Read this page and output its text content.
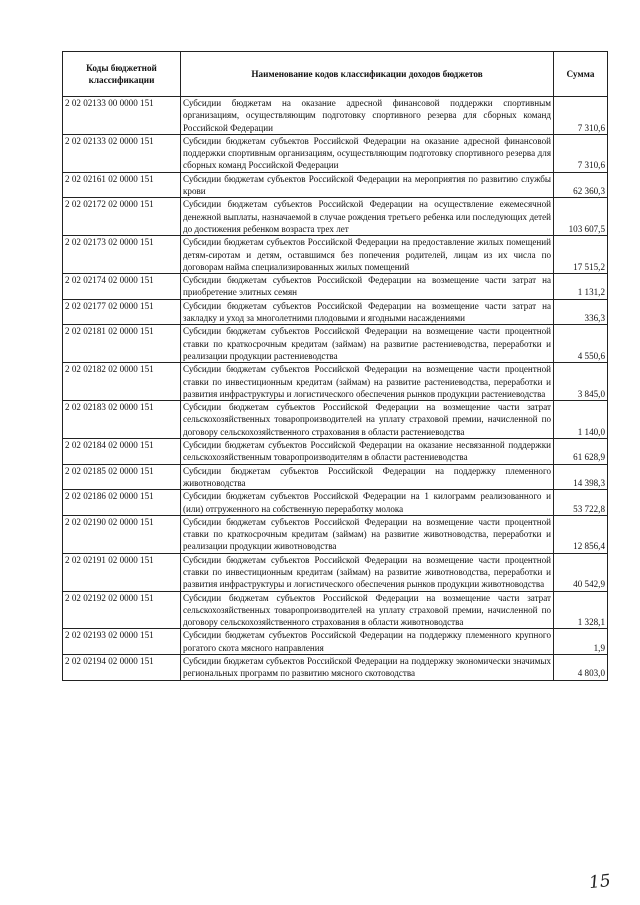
Коды бюджетной классификации	Наименование кодов классификации доходов бюджетов	Сумма
2 02 02133 00 0000 151	Субсидии бюджетам на оказание адресной финансовой поддержки спортивным организациям, осуществляющим подготовку спортивного резерва для сборных команд Российской Федерации	7 310,6
2 02 02133 02 0000 151	Субсидии бюджетам субъектов Российской Федерации на оказание адресной финансовой поддержки спортивным организациям, осуществляющим подготовку спортивного резерва для сборных команд Российской Федерации	7 310,6
2 02 02161 02 0000 151	Субсидии бюджетам субъектов Российской Федерации на мероприятия по развитию службы крови	62 360,3
2 02 02172 02 0000 151	Субсидии бюджетам субъектов Российской Федерации на осуществление ежемесячной денежной выплаты, назначаемой в случае рождения третьего ребенка или последующих детей до достижения ребенком возраста трех лет	103 607,5
2 02 02173 02 0000 151	Субсидии бюджетам субъектов Российской Федерации на предоставление жилых помещений детям-сиротам и детям, оставшимся без попечения родителей, лицам из их числа по договорам найма специализированных жилых помещений	17 515,2
2 02 02174 02 0000 151	Субсидии бюджетам субъектов Российской Федерации на возмещение части затрат на приобретение элитных семян	1 131,2
2 02 02177 02 0000 151	Субсидии бюджетам субъектов Российской Федерации на возмещение части затрат на закладку и уход за многолетними плодовыми и ягодными насаждениями	336,3
2 02 02181 02 0000 151	Субсидии бюджетам субъектов Российской Федерации на возмещение части процентной ставки по краткосрочным кредитам (займам) на развитие растениеводства, переработки и реализации продукции растениеводства	4 550,6
2 02 02182 02 0000 151	Субсидии бюджетам субъектов Российской Федерации на возмещение части процентной ставки по инвестиционным кредитам (займам) на развитие растениеводства, переработки и развития инфраструктуры и логистического обеспечения рынков продукции растениеводства	3 845,0
2 02 02183 02 0000 151	Субсидии бюджетам субъектов Российской Федерации на возмещение части затрат сельскохозяйственных товаропроизводителей на уплату страховой премии, начисленной по договору сельскохозяйственного страхования в области растениеводства	1 140,0
2 02 02184 02 0000 151	Субсидии бюджетам субъектов Российской Федерации на оказание несвязанной поддержки сельскохозяйственным товаропроизводителям в области растениеводства	61 628,9
2 02 02185 02 0000 151	Субсидии бюджетам субъектов Российской Федерации на поддержку племенного животноводства	14 398,3
2 02 02186 02 0000 151	Субсидии бюджетам субъектов Российской Федерации на 1 килограмм реализованного и (или) отгруженного на собственную переработку молока	53 722,8
2 02 02190 02 0000 151	Субсидии бюджетам субъектов Российской Федерации на возмещение части процентной ставки по краткосрочным кредитам (займам) на развитие животноводства, переработки и реализации продукции животноводства	12 856,4
2 02 02191 02 0000 151	Субсидии бюджетам субъектов Российской Федерации на возмещение части процентной ставки по инвестиционным кредитам (займам) на развитие животноводства, переработки и развития инфраструктуры и логистического обеспечения рынков продукции животноводства	40 542,9
2 02 02192 02 0000 151	Субсидии бюджетам субъектов Российской Федерации на возмещение части затрат сельскохозяйственных товаропроизводителей на уплату страховой премии, начисленной по договору сельскохозяйственного страхования в области животноводства	1 328,1
2 02 02193 02 0000 151	Субсидии бюджетам субъектов Российской Федерации на поддержку племенного крупного рогатого скота мясного направления	1,9
2 02 02194 02 0000 151	Субсидии бюджетам субъектов Российской Федерации на поддержку экономически значимых региональных программ по развитию мясного скотоводства	4 803,0
15
